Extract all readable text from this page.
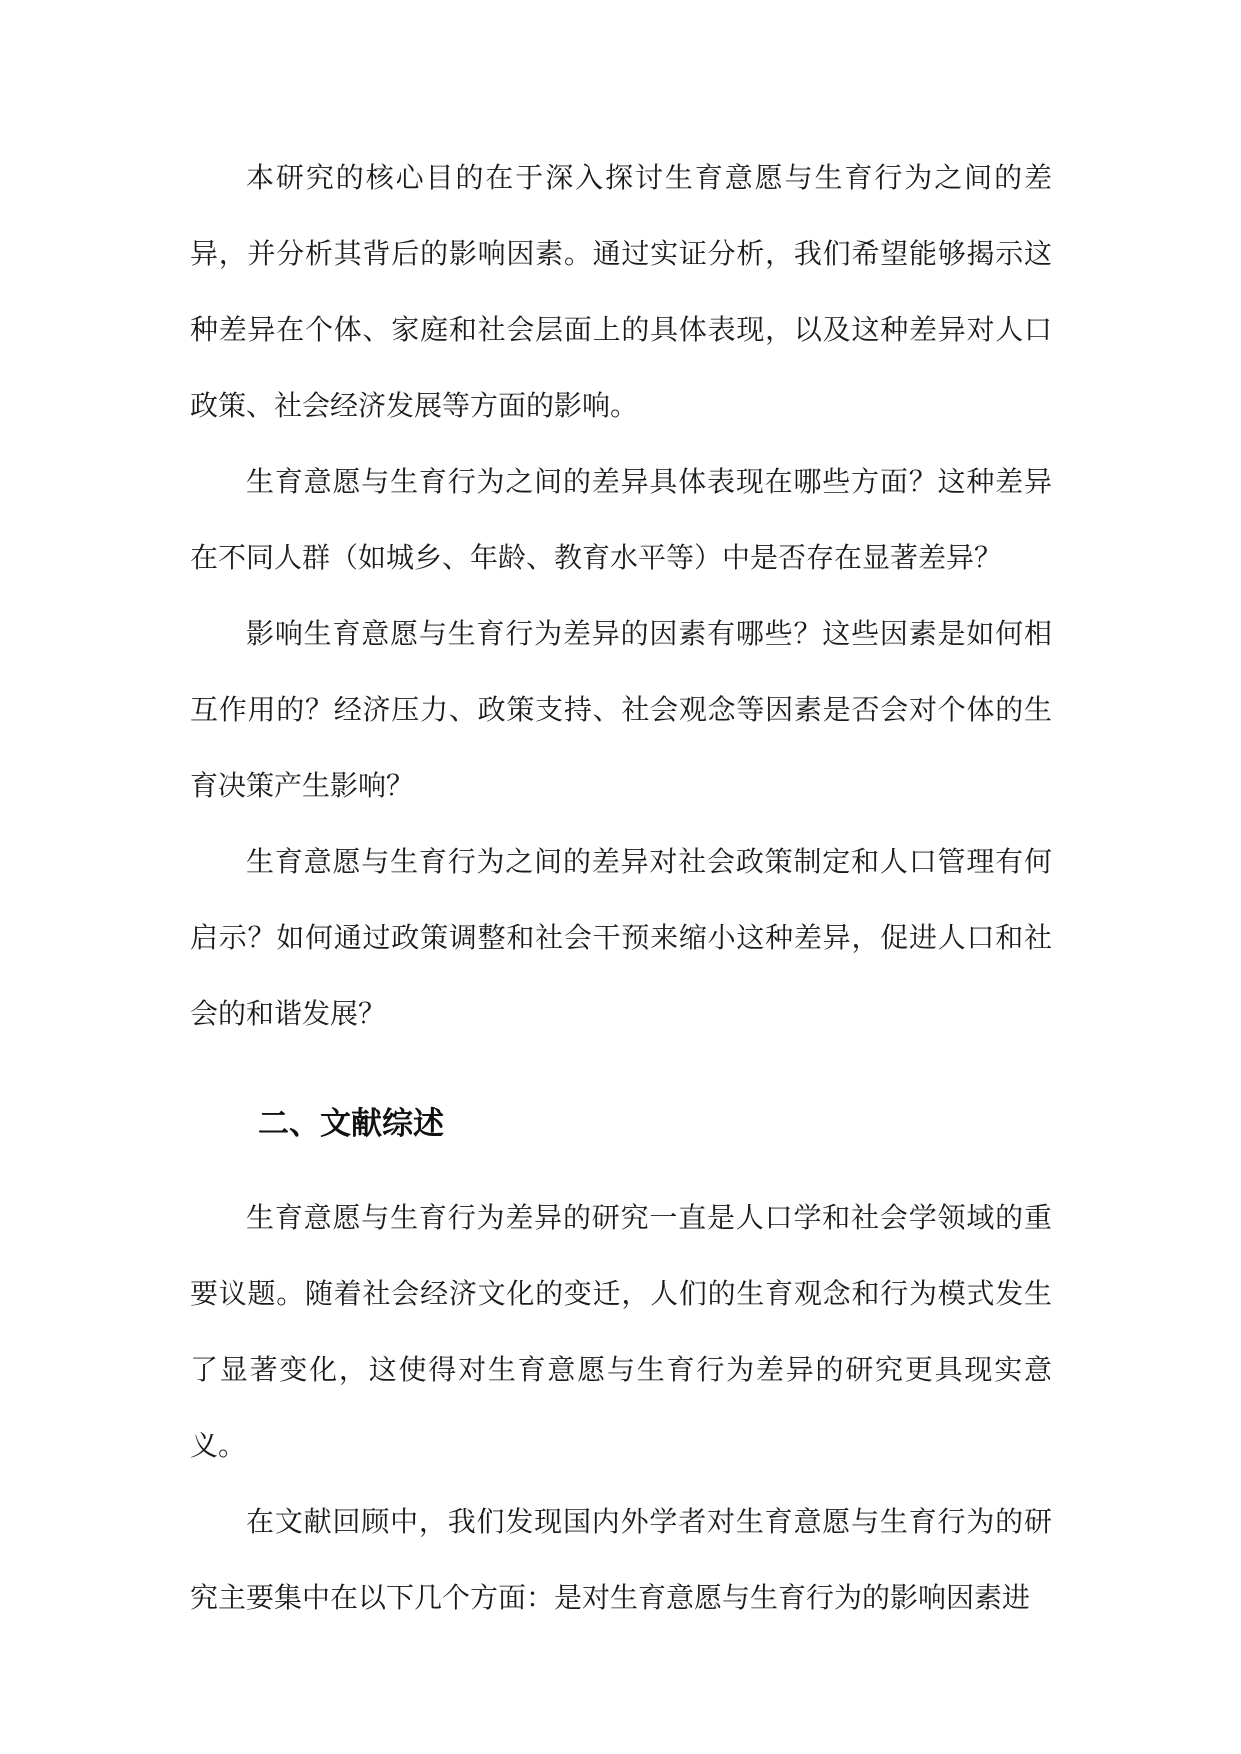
本研究的核心目的在于深入探讨生育意愿与生育行为之间的差异，并分析其背后的影响因素。通过实证分析，我们希望能够揭示这种差异在个体、家庭和社会层面上的具体表现，以及这种差异对人口政策、社会经济发展等方面的影响。

生育意愿与生育行为之间的差异具体表现在哪些方面？这种差异在不同人群（如城乡、年龄、教育水平等）中是否存在显著差异？

影响生育意愿与生育行为差异的因素有哪些？这些因素是如何相互作用的？经济压力、政策支持、社会观念等因素是否会对个体的生育决策产生影响？

生育意愿与生育行为之间的差异对社会政策制定和人口管理有何启示？如何通过政策调整和社会干预来缩小这种差异，促进人口和社会的和谐发展？

二、文献综述

生育意愿与生育行为差异的研究一直是人口学和社会学领域的重要议题。随着社会经济文化的变迁，人们的生育观念和行为模式发生了显著变化，这使得对生育意愿与生育行为差异的研究更具现实意义。

在文献回顾中，我们发现国内外学者对生育意愿与生育行为的研究主要集中在以下几个方面：是对生育意愿与生育行为的影响因素进
